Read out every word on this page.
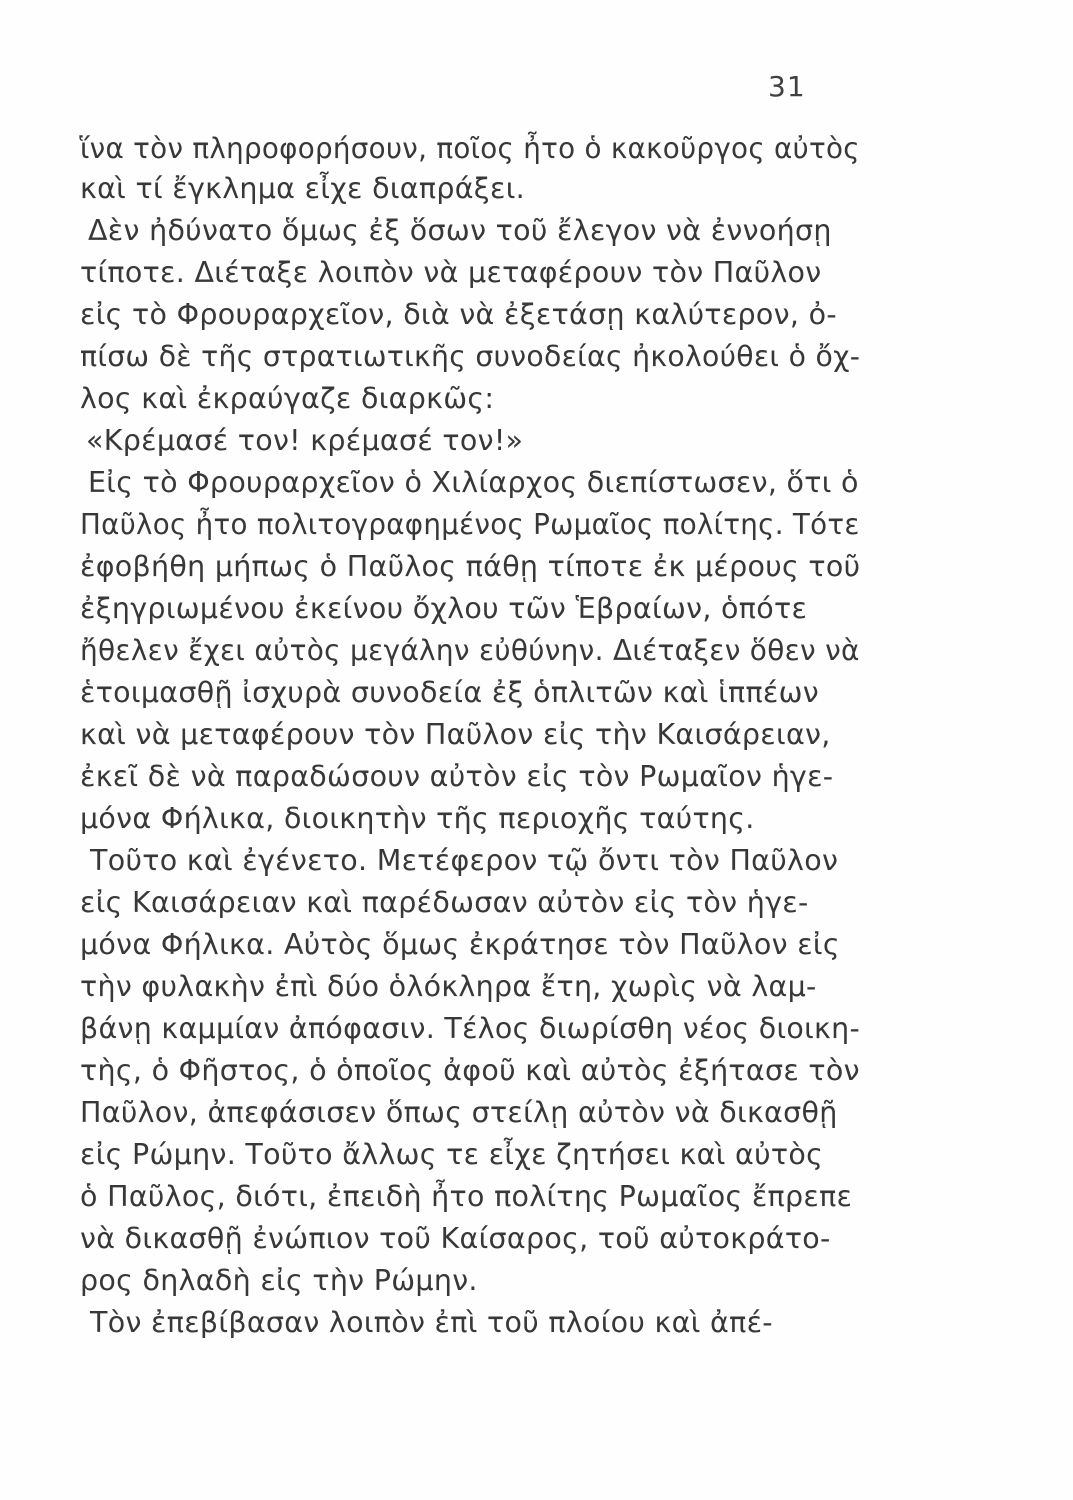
31
ἵνα τὸν πληροφορήσουν, ποῖος ἦτο ὁ κακοῦργος αὐτὸς
καὶ τί ἔγκλημα εἶχε διαπράξει.
Δὲν ἠδύνατο ὅμως ἐξ ὅσων τοῦ ἔλεγον νὰ ἐννοήσῃ
τίποτε. Διέταξε λοιπὸν νὰ μεταφέρουν τὸν Παῦλον
εἰς τὸ Φρουραρχεῖον, διὰ νὰ ἐξετάσῃ καλύτερον, ὀ-
πίσω δὲ τῆς στρατιωτικῆς συνοδείας ἠκολούθει ὁ ὄχ-
λος καὶ ἐκραύγαζε διαρκῶς:
«Κρέμασέ τον! κρέμασέ τον!»
Εἰς τὸ Φρουραρχεῖον ὁ Χιλίαρχος διεπίστωσεν, ὅτι ὁ
Παῦλος ἦτο πολιτογραφημένος Ρωμαῖος πολίτης. Τότε
ἐφοβήθη μήπως ὁ Παῦλος πάθῃ τίποτε ἐκ μέρους τοῦ
ἐξηγριωμένου ἐκείνου ὄχλου τῶν Ἑβραίων, ὁπότε
ἤθελεν ἔχει αὐτὸς μεγάλην εὐθύνην. Διέταξεν ὅθεν νὰ
ἑτοιμασθῇ ἰσχυρὰ συνοδεία ἐξ ὁπλιτῶν καὶ ἱππέων
καὶ νὰ μεταφέρουν τὸν Παῦλον εἰς τὴν Καισάρειαν,
ἐκεῖ δὲ νὰ παραδώσουν αὐτὸν εἰς τὸν Ρωμαῖον ἡγε-
μόνα Φήλικα, διοικητὴν τῆς περιοχῆς ταύτης.
Τοῦτο καὶ ἐγένετο. Μετέφερον τῷ ὄντι τὸν Παῦλον
εἰς Καισάρειαν καὶ παρέδωσαν αὐτὸν εἰς τὸν ἡγε-
μόνα Φήλικα. Αὐτὸς ὅμως ἐκράτησε τὸν Παῦλον εἰς
τὴν φυλακὴν ἐπὶ δύο ὁλόκληρα ἔτη, χωρὶς νὰ λαμ-
βάνῃ καμμίαν ἀπόφασιν. Τέλος διωρίσθη νέος διοικη-
τὴς, ὁ Φῆστος, ὁ ὁποῖος ἀφοῦ καὶ αὐτὸς ἐξήτασε τὸν
Παῦλον, ἀπεφάσισεν ὅπως στείλῃ αὐτὸν νὰ δικασθῇ
εἰς Ρώμην. Τοῦτο ἄλλως τε εἶχε ζητήσει καὶ αὐτὸς
ὁ Παῦλος, διότι, ἐπειδὴ ἦτο πολίτης Ρωμαῖος ἔπρεπε
νὰ δικασθῇ ἐνώπιον τοῦ Καίσαρος, τοῦ αὐτοκράτο-
ρος δηλαδὴ εἰς τὴν Ρώμην.
Τὸν ἐπεβίβασαν λοιπὸν ἐπὶ τοῦ πλοίου καὶ ἀπέ-
